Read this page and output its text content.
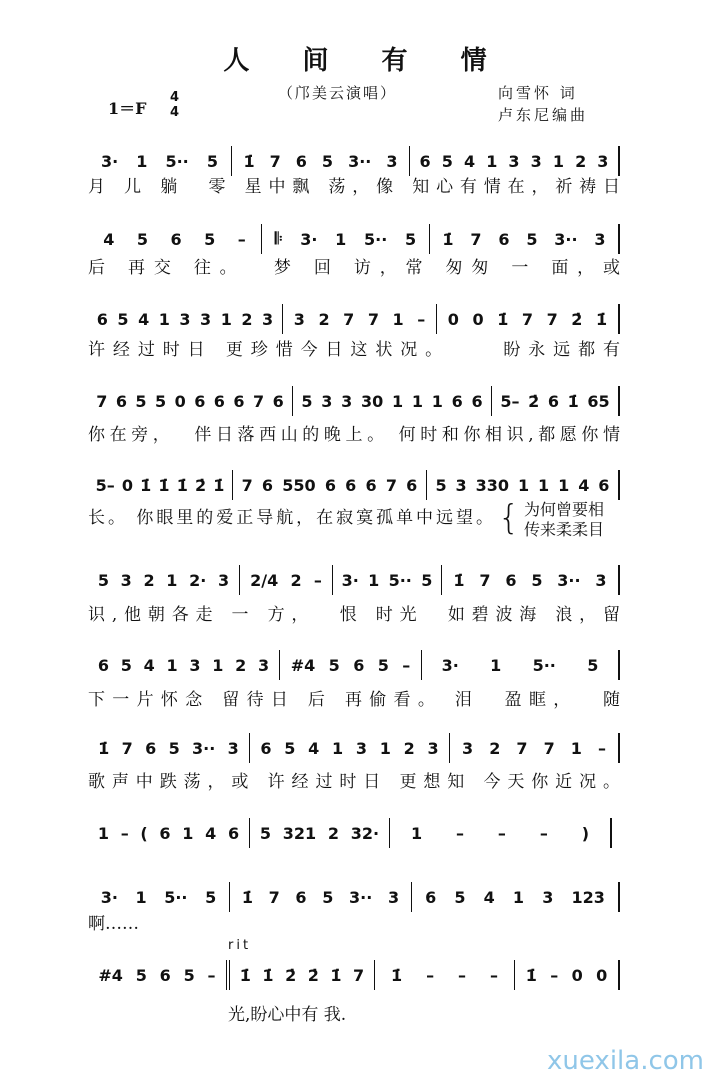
人 间 有 情
（邝美云演唱）	向雪怀 词
卢东尼编曲
1＝F
4
4
rit
xuexila.com
3· 1 5·· 5 1̇ 7 6 5 3·· 3 6 5 4 1 3 3 1 2 3
月 儿 躺  零 星中飘 荡，像 知心有情在，祈祷日
4 5 6 5 – 𝄆 3· 1 5·· 5 1̇ 7 6 5 3·· 3
后 再交 往。  梦 回 访，常 匆匆 一 面，或
6 5 4 1 3 3 1 2 3 3 2 7 7 1 – 0 0 1̇ 7 7 2̇ 1̇
许经过时日 更珍惜今日这状况。    盼永远都有
7 6 5 5 0 6 6 6 7 6 5 3 3 30 1 1 1 6 6 5– 2̇ 6 1̇ 65
你在旁，  伴日落西山的晚上。 何时和你相识,都愿你情
5– 0 1̇ 1̇ 1̇ 2̇ 1̇ 7 6 550 6 6 6 7 6 5 3 330 1 1 1 4 6
长。 你眼里的爱正导航，在寂寞孤单中远望。 { 为何曾要相
传来柔柔目
5 3 2 1 2· 3 2/4 2 – 3· 1 5·· 5 1̇ 7 6 5 3·· 3
识,他朝各走 一 方，  恨 时光  如碧波海 浪，留
6 5 4 1 3 1 2 3 #4 5 6 5 – 3· 1 5·· 5
下一片怀念 留待日 后 再偷看。 泪  盈眶，  随
1̇ 7 6 5 3·· 3 6 5 4 1 3 1 2 3 3 2 7 7 1 –
歌声中跌荡，或 许经过时日 更想知 今天你近况。
1 – ( 6 1 4 6 5 321 2 32· 1 – – – )
3· 1 5·· 5 1̇ 7 6 5 3·· 3 6 5 4 1 3 123
啊……
#4 5 6 5 – 1̇ 1̇ 2̇ 2̇ 1̇ 7 1̇ – – – 1̇ – 0 0
光,盼心中有 我.
